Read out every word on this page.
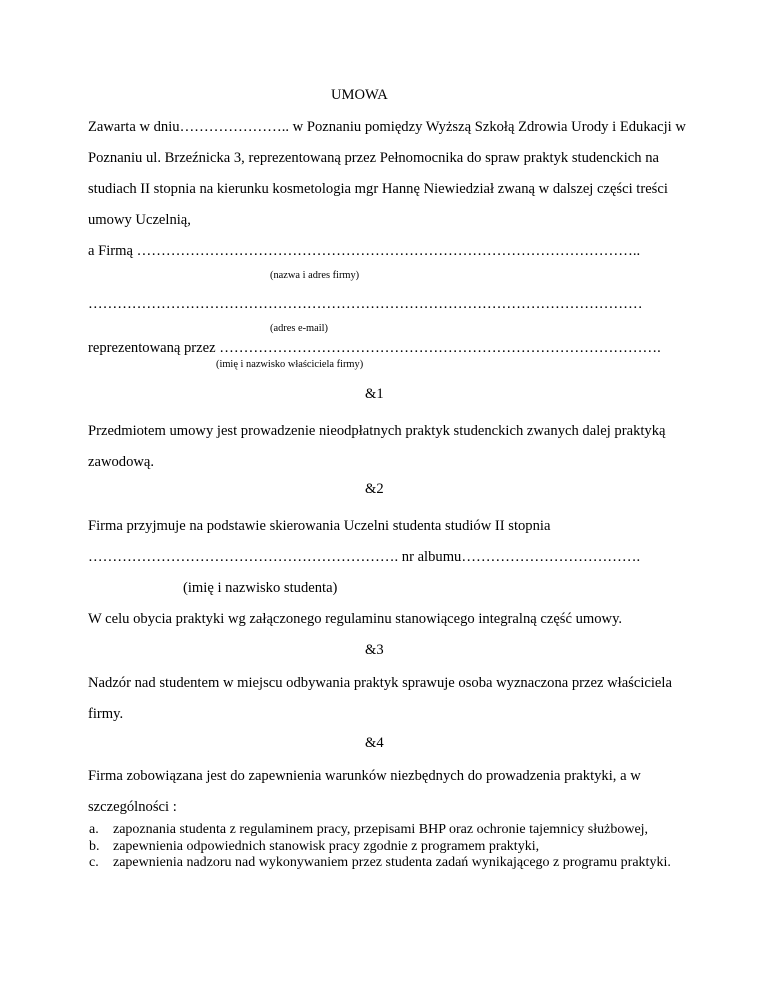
UMOWA
Zawarta w dniu………………….. w Poznaniu pomiędzy Wyższą Szkołą Zdrowia Urody i Edukacji w
Poznaniu ul. Brzeźnicka 3, reprezentowaną przez Pełnomocnika do spraw praktyk studenckich na
studiach II stopnia na kierunku kosmetologia mgr Hannę Niewiedział zwaną w dalszej części treści
umowy Uczelnią,
a Firmą …………………………………………………………………………………………..
(nazwa i adres firmy)
……………………………………………………………………………………………………
(adres e-mail)
reprezentowaną przez ……………………………………………………………………………….
(imię i nazwisko właściciela firmy)
&1
Przedmiotem umowy jest prowadzenie nieodpłatnych praktyk studenckich zwanych dalej praktyką
zawodową.
&2
Firma przyjmuje na podstawie skierowania Uczelni studenta studiów II stopnia
………………………………………………………. nr albumu……………………………….
(imię i nazwisko studenta)
W celu obycia praktyki wg załączonego regulaminu stanowiącego integralną część umowy.
&3
Nadzór nad studentem w miejscu odbywania praktyk sprawuje osoba wyznaczona przez właściciela
firmy.
&4
Firma zobowiązana jest do zapewnienia warunków niezbędnych do prowadzenia praktyki, a w
szczególności :
a.	zapoznania studenta z regulaminem pracy, przepisami BHP oraz ochronie tajemnicy służbowej,
b. zapewnienia odpowiednich stanowisk pracy zgodnie z programem praktyki,
c.	zapewnienia nadzoru nad wykonywaniem przez studenta zadań wynikającego z programu praktyki.
